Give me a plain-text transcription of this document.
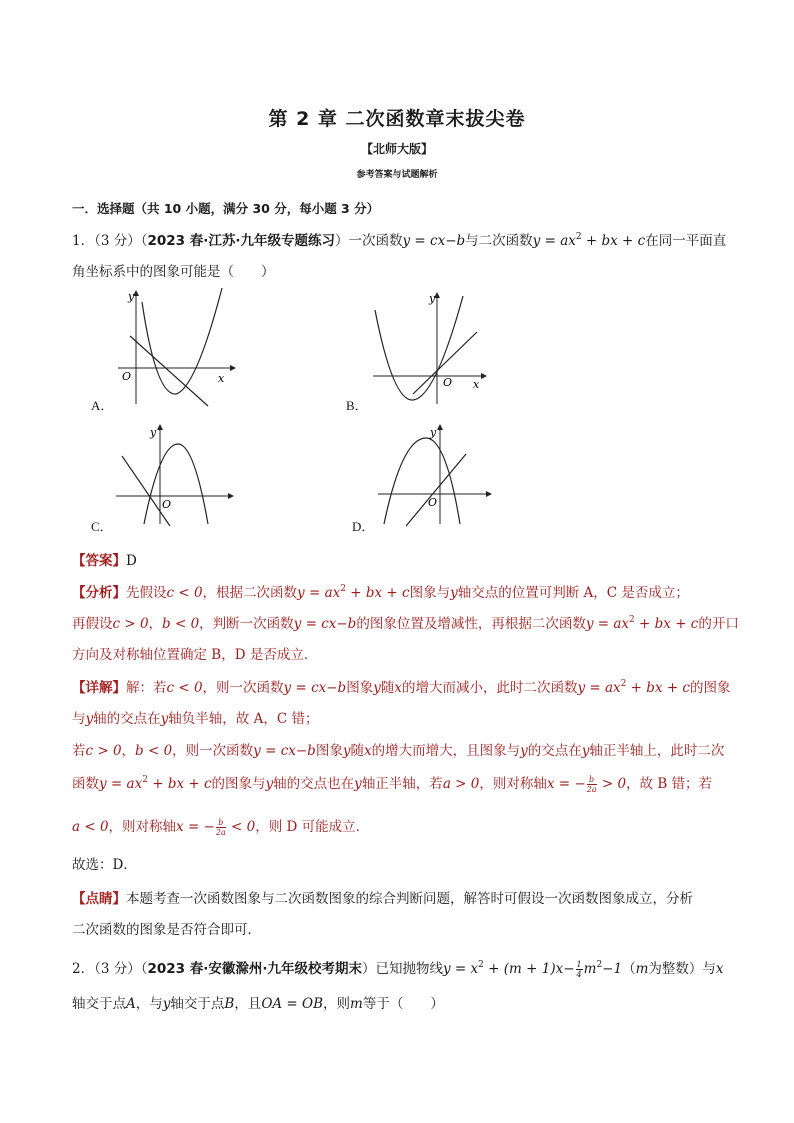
第 2 章 二次函数章末拔尖卷
【北师大版】
参考答案与试题解析
一．选择题（共 10 小题，满分 30 分，每小题 3 分）
1．（3 分）（2023 春·江苏·九年级专题练习）一次函数y = cx−b与二次函数$y = ax^2$ + bx + c在同一平面直
角坐标系中的图象可能是（　　）
y
x
O
A．
y
x
O
B．
y
O
C．
y
O
D．
【答案】D
【分析】先假设c < 0，根据二次函数$y = ax^2$ + bx + c图象与y轴交点的位置可判断 A，C 是否成立；
再假设c > 0，b < 0，判断一次函数y = cx−b的图象位置及增减性，再根据二次函数$y = ax^2$ + bx + c的开口
方向及对称轴位置确定 B，D 是否成立．
【详解】解：若c < 0，则一次函数y = cx−b图象y随x的增大而减小，此时二次函数$y = ax^2$ + bx + c的图象
与y轴的交点在y轴负半轴，故 A，C 错；
若c > 0，b < 0，则一次函数y = cx−b图象y随x的增大而增大，且图象与y的交点在y轴正半轴上，此时二次
函数$y = ax^2$ + bx + c的图象与y轴的交点也在y轴正半轴，若a > 0，则对称轴x = − $\frac{b}{2a} > 0$，故 B 错；若
a < 0，则对称轴x = − $\frac{b}{2a} < 0$，则 D 可能成立．
故选：D．
【点睛】本题考查一次函数图象与二次函数图象的综合判断问题，解答时可假设一次函数图象成立，分析
二次函数的图象是否符合即可．
2．（3 分）（2023 春·安徽滁州·九年级校考期末）已知抛物线$y = x^2 + (m + 1)x- \frac{1}{4} m^2-1(m$为整数）与x
轴交于点A，与y轴交于点B，且OA = OB，则m等于（　　）
